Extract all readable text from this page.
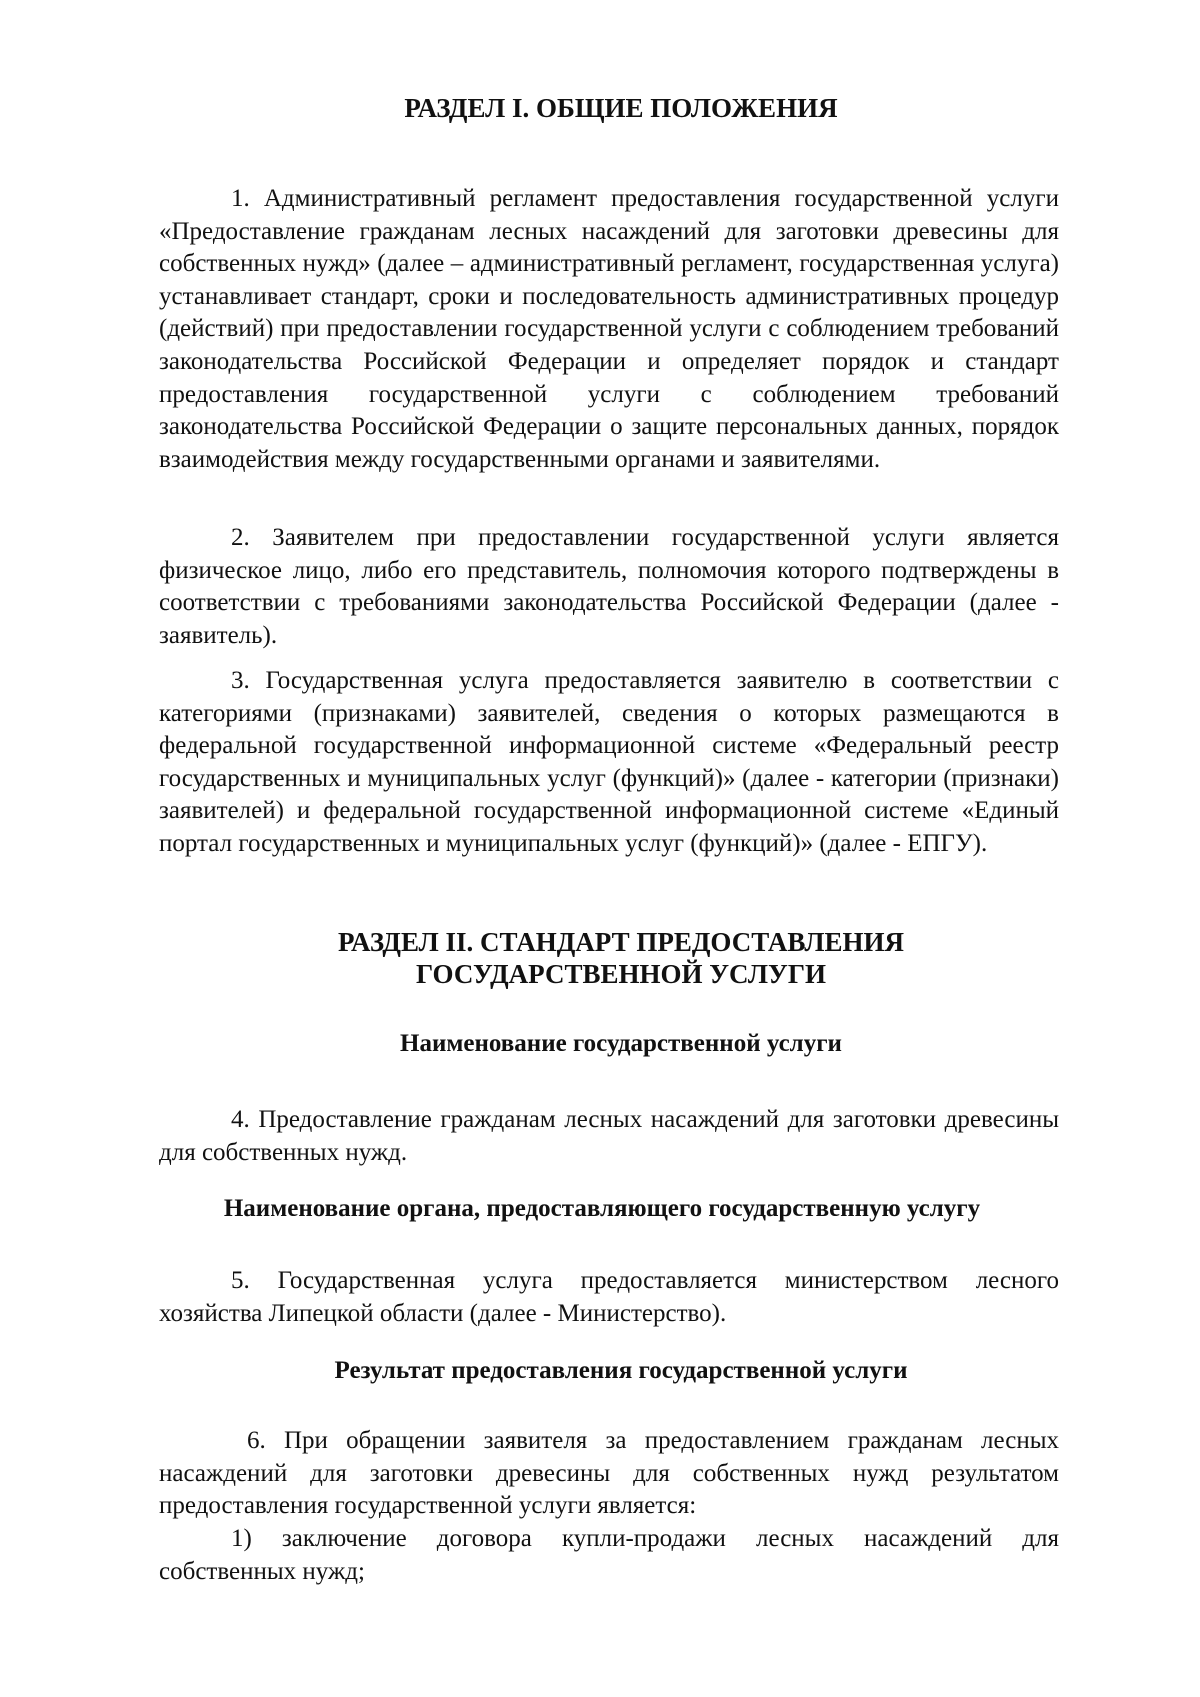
РАЗДЕЛ I. ОБЩИЕ ПОЛОЖЕНИЯ

1. Административный регламент предоставления государственной услуги «Предоставление гражданам лесных насаждений для заготовки древесины для собственных нужд» (далее – административный регламент, государственная услуга) устанавливает стандарт, сроки и последовательность административных процедур (действий) при предоставлении государственной услуги с соблюдением требований законодательства Российской Федерации и определяет порядок и стандарт предоставления государственной услуги с соблюдением требований законодательства Российской Федерации о защите персональных данных, порядок взаимодействия между государственными органами и заявителями.

2. Заявителем при предоставлении государственной услуги является физическое лицо, либо его представитель, полномочия которого подтверждены в соответствии с требованиями законодательства Российской Федерации (далее - заявитель).

3. Государственная услуга предоставляется заявителю в соответствии с категориями (признаками) заявителей, сведения о которых размещаются в федеральной государственной информационной системе «Федеральный реестр государственных и муниципальных услуг (функций)» (далее - категории (признаки) заявителей) и федеральной государственной информационной системе «Единый портал государственных и муниципальных услуг (функций)» (далее - ЕПГУ).

РАЗДЕЛ II. СТАНДАРТ ПРЕДОСТАВЛЕНИЯ
ГОСУДАРСТВЕННОЙ УСЛУГИ
Наименование государственной услуги

4. Предоставление гражданам лесных насаждений для заготовки древесины для собственных нужд.

Наименование органа, предоставляющего государственную услугу

5. Государственная услуга предоставляется министерством лесного хозяйства Липецкой области (далее - Министерство).

Результат предоставления государственной услуги

6. При обращении заявителя за предоставлением гражданам лесных насаждений для заготовки древесины для собственных нужд результатом предоставления государственной услуги является:

1) заключение договора купли-продажи лесных насаждений для собственных нужд;
